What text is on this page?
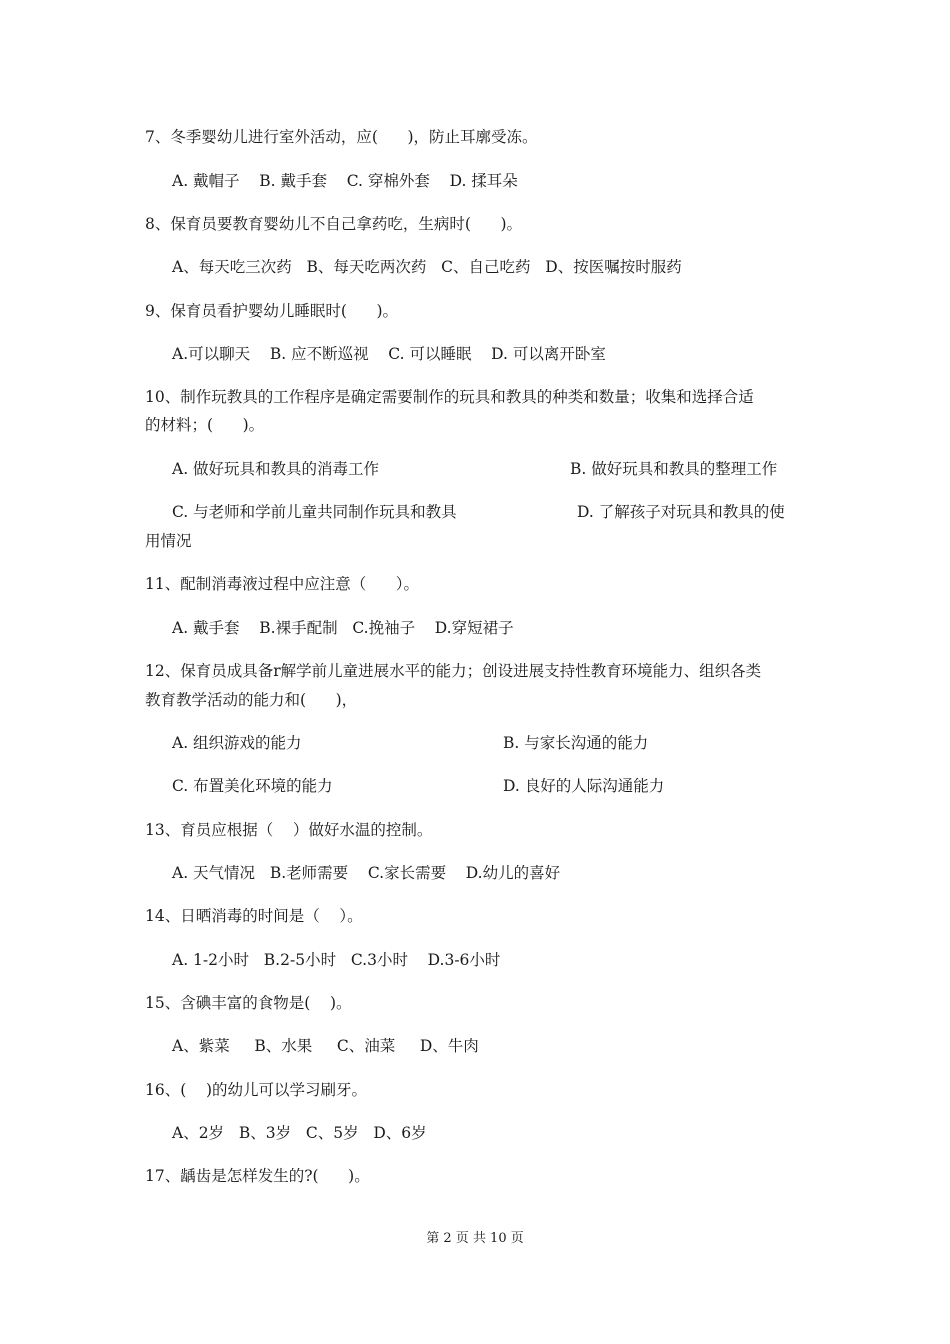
7、冬季婴幼儿进行室外活动，应(      )，防止耳廓受冻。
A. 戴帽子    B. 戴手套    C. 穿棉外套    D. 揉耳朵
8、保育员要教育婴幼儿不自己拿药吃，生病时(      )。
A、每天吃三次药   B、每天吃两次药   C、自己吃药   D、按医嘱按时服药
9、保育员看护婴幼儿睡眠时(      )。
A.可以聊天    B. 应不断巡视    C. 可以睡眠    D. 可以离开卧室
10、制作玩教具的工作程序是确定需要制作的玩具和教具的种类和数量；收集和选择合适
的材料；(      )。
A. 做好玩具和教具的消毒工作	B. 做好玩具和教具的整理工作
C. 与老师和学前儿童共同制作玩具和教具	D. 了解孩子对玩具和教具的使
用情况
11、配制消毒液过程中应注意（      ）。
A. 戴手套    B.裸手配制   C.挽袖子    D.穿短裙子
12、保育员成具备r解学前儿童进展水平的能力；创设进展支持性教育环境能力、组织各类
教育教学活动的能力和(      )，
A. 组织游戏的能力	B. 与家长沟通的能力
C. 布置美化环境的能力	D. 良好的人际沟通能力
13、育员应根据（    ）做好水温的控制。
A. 天气情况   B.老师需要    C.家长需要    D.幼儿的喜好
14、日晒消毒的时间是（    ）。
A. 1-2小时   B.2-5小时   C.3小时    D.3-6小时
15、含碘丰富的食物是(    )。
A、紫菜     B、水果     C、油菜     D、牛肉
16、(    )的幼儿可以学习刷牙。
A、2岁   B、3岁   C、5岁   D、6岁
17、龋齿是怎样发生的?(      )。
第 2 页 共 10 页
